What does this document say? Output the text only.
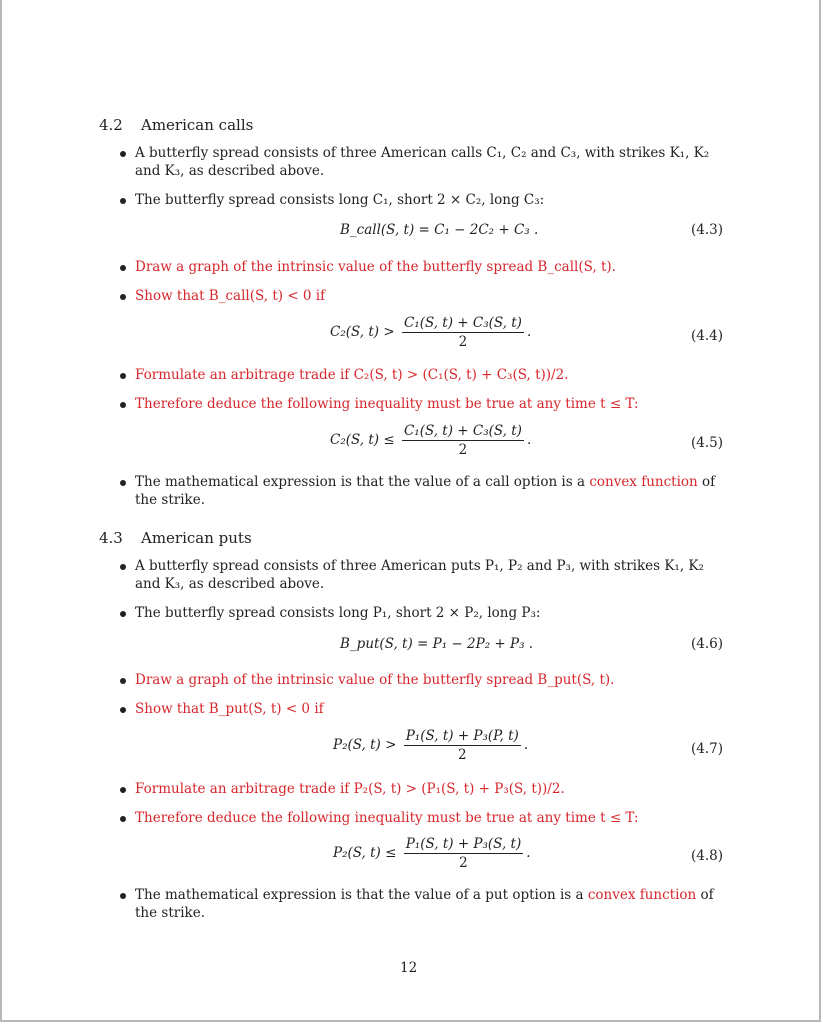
4.2 American calls
A butterfly spread consists of three American calls C₁, C₂ and C₃, with strikes K₁, K₂ and K₃, as described above.
The butterfly spread consists long C₁, short 2 × C₂, long C₃:
B_call(S, t) = C₁ − 2C₂ + C₃ .	(4.3)
Draw a graph of the intrinsic value of the butterfly spread B_call(S, t).
Show that B_call(S, t) < 0 if
C₂(S, $t) > \frac{\text{C₁(S, t) + C₃(S, t)}}{2}$ .	(4.4)
Formulate an arbitrage trade if C₂(S, t) > (C₁(S, t) + C₃(S, t))/2.
Therefore deduce the following inequality must be true at any time t ≤ T:
C₂(S, $t) \le \frac{\text{C₁(S, t) + C₃(S, t)}}{2}$ .	(4.5)
The mathematical expression is that the value of a call option is a convex function of the strike.
4.3 American puts
A butterfly spread consists of three American puts P₁, P₂ and P₃, with strikes K₁, K₂ and K₃, as described above.
The butterfly spread consists long P₁, short 2 × P₂, long P₃:
B_put(S, t) = P₁ − 2P₂ + P₃ .	(4.6)
Draw a graph of the intrinsic value of the butterfly spread B_put(S, t).
Show that B_put(S, t) < 0 if
P₂(S, $t) > \frac{\text{P₁(S, t) + P₃(P, t)}}{2}$ .	(4.7)
Formulate an arbitrage trade if P₂(S, t) > (P₁(S, t) + P₃(S, t))/2.
Therefore deduce the following inequality must be true at any time t ≤ T:
P₂(S, $t) \le \frac{\text{P₁(S, t) + P₃(S, t)}}{2}$ .	(4.8)
The mathematical expression is that the value of a put option is a convex function of the strike.
12
